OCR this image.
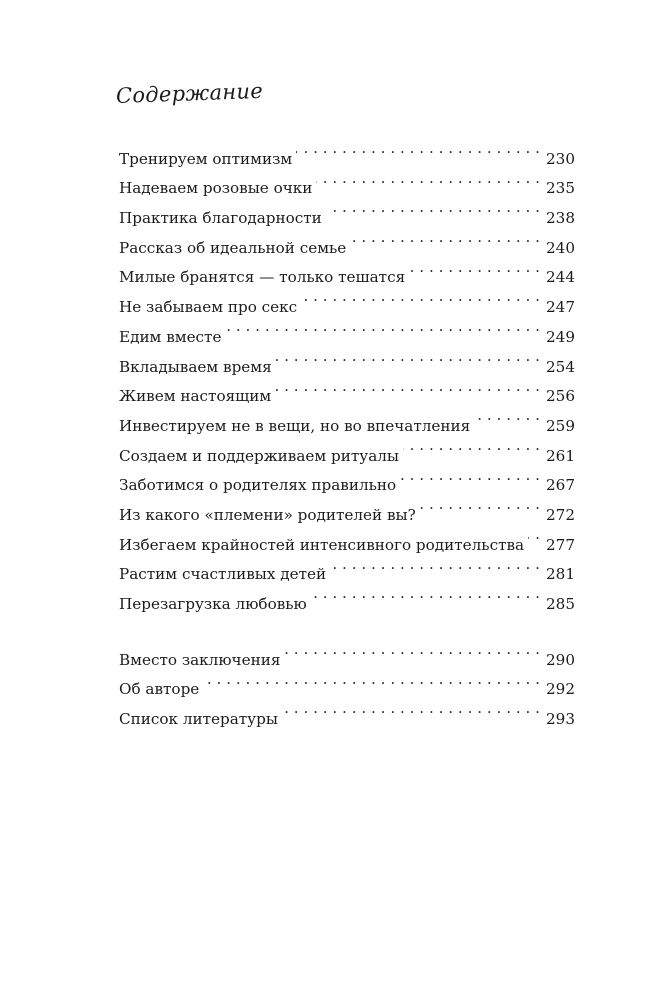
Содержание
Тренируем оптимизм . . .	230
Надеваем розовые очки . . .	235
Практика благодарности . . .	238
Рассказ об идеальной семье . . .	240
Милые бранятся — только тешатся . . .	244
Не забываем про секс . . .	247
Едим вместе . . .	249
Вкладываем время . . .	254
Живем настоящим . . .	256
Инвестируем не в вещи, но во впечатления . . .	259
Создаем и поддерживаем ритуалы . . .	261
Заботимся о родителях правильно . . .	267
Из какого «племени» родителей вы? . . .	272
Избегаем крайностей интенсивного родительства . . .	277
Растим счастливых детей . . .	281
Перезагрузка любовью . . .	285
Вместо заключения . . .	290
Об авторе . . .	292
Список литературы . . .	293
